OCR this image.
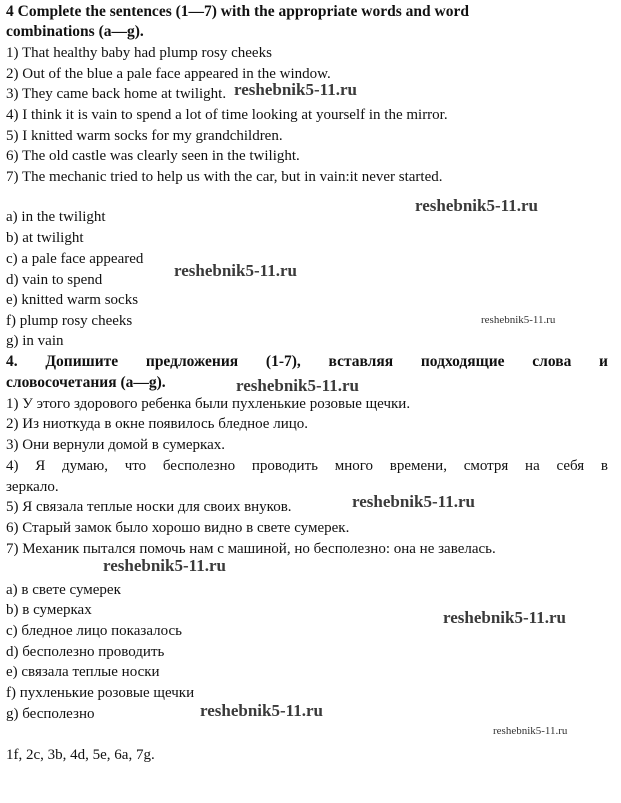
4 Complete the sentences (1—7) with the appropriate words and word
combinations (a—g).
1) That healthy baby had plump rosy cheeks
2) Out of the blue a pale face appeared in the window.
3) They came back home at twilight.
4) I think it is vain to spend a lot of time looking at yourself in the mirror.
5) I knitted warm socks for my grandchildren.
6) The old castle was clearly seen in the twilight.
7) The mechanic tried to help us with the car, but in vain:it never started.
a) in the twilight
b) at twilight
c) a pale face appeared
d) vain to spend
e) knitted warm socks
f) plump rosy cheeks
g) in vain
4. Допишите предложения (1-7), вставляя подходящие слова и
словосочетания (a—g).
1) У этого здорового ребенка были пухленькие розовые щечки.
2) Из ниоткуда в окне появилось бледное лицо.
3) Они вернули домой в сумерках.
4) Я думаю, что бесполезно проводить много времени, смотря на себя в
зеркало.
5) Я связала теплые носки для своих внуков.
6) Старый замок было хорошо видно в свете сумерек.
7) Механик пытался помочь нам с машиной, но бесполезно: она не завелась.
a) в свете сумерек
b) в сумерках
c) бледное лицо показалось
d) бесполезно проводить
e) связала теплые носки
f) пухленькие розовые щечки
g) бесполезно
1f, 2c, 3b, 4d, 5e, 6a, 7g.
reshebnik5-11.ru
reshebnik5-11.ru
reshebnik5-11.ru
reshebnik5-11.ru
reshebnik5-11.ru
reshebnik5-11.ru
reshebnik5-11.ru
reshebnik5-11.ru
reshebnik5-11.ru
reshebnik5-11.ru
